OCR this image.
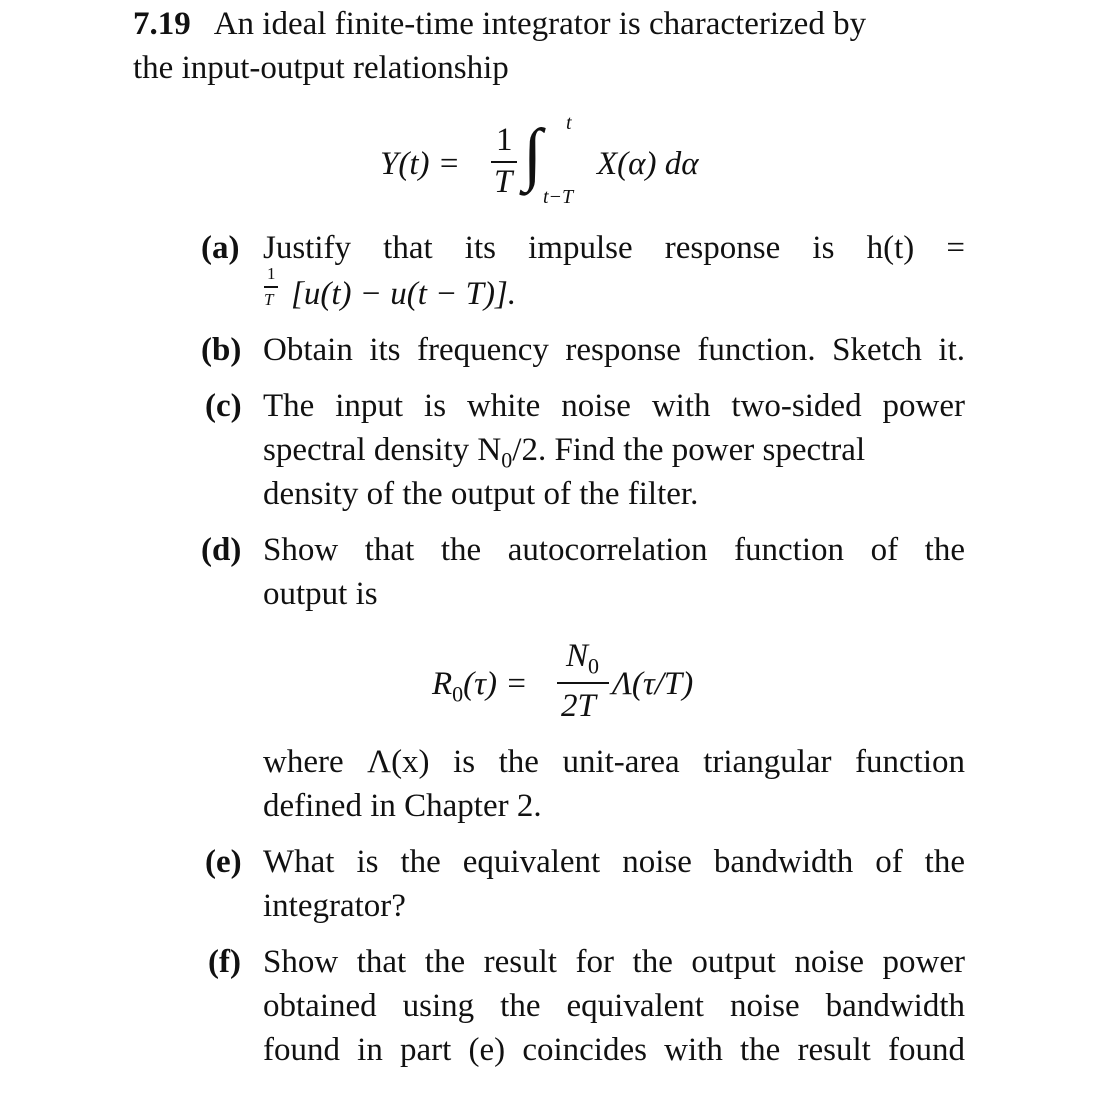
7.19 An ideal finite-time integrator is characterized by
the input-output relationship
Y(t) =
1
T ∫ t
t−T
X(α) dα
(a) Justify that its impulse response is h(t) =
1
T [u(t) − u(t − T)].
(b) Obtain its frequency response function. Sketch it.
(c) The input is white noise with two-sided power
spectral density $N_0/2$. Find the power spectral
density of the output of the filter.
(d) Show that the autocorrelation function of the
output is
$R_0(\tau)$ =
$N_0$
2T
Λ(τ/T)
where Λ(x) is the unit-area triangular function
defined in Chapter 2.
(e) What is the equivalent noise bandwidth of the
integrator?
(f) Show that the result for the output noise power
obtained using the equivalent noise bandwidth
found in part (e) coincides with the result found
